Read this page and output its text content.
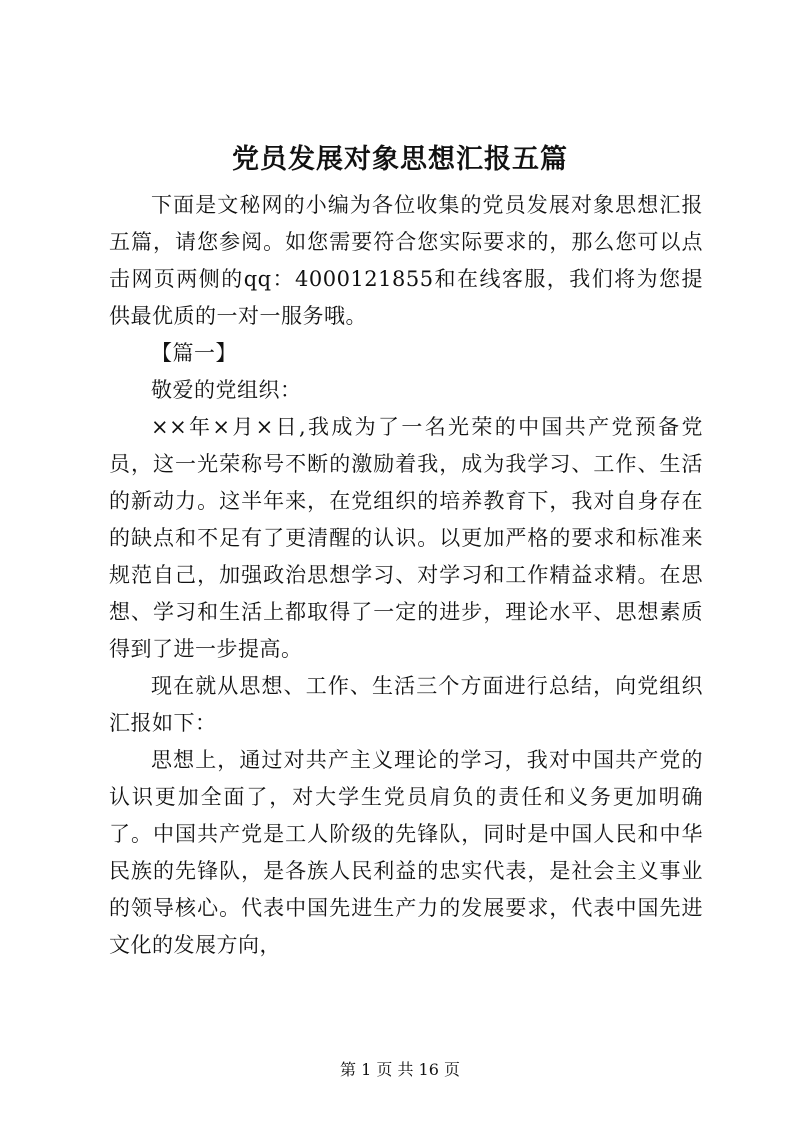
党员发展对象思想汇报五篇

下面是文秘网的小编为各位收集的党员发展对象思想汇报五篇，请您参阅。如您需要符合您实际要求的，那么您可以点击网页两侧的qq：4000121855和在线客服，我们将为您提供最优质的一对一服务哦。

【篇一】

敬爱的党组织：

××年×月×日,我成为了一名光荣的中国共产党预备党员，这一光荣称号不断的激励着我，成为我学习、工作、生活的新动力。这半年来，在党组织的培养教育下，我对自身存在的缺点和不足有了更清醒的认识。以更加严格的要求和标准来规范自己，加强政治思想学习、对学习和工作精益求精。在思想、学习和生活上都取得了一定的进步，理论水平、思想素质得到了进一步提高。

现在就从思想、工作、生活三个方面进行总结，向党组织汇报如下：

思想上，通过对共产主义理论的学习，我对中国共产党的认识更加全面了，对大学生党员肩负的责任和义务更加明确了。中国共产党是工人阶级的先锋队，同时是中国人民和中华民族的先锋队，是各族人民利益的忠实代表，是社会主义事业的领导核心。代表中国先进生产力的发展要求，代表中国先进文化的发展方向，

第 1 页 共 16 页
